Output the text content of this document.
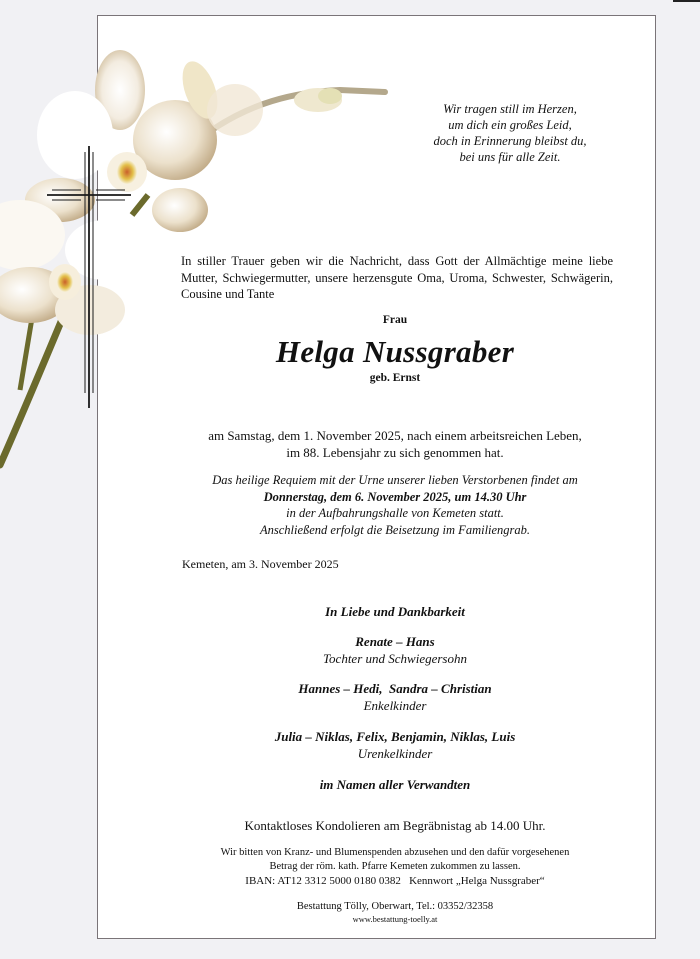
Wir tragen still im Herzen,
um dich ein großes Leid,
doch in Erinnerung bleibst du,
bei uns für alle Zeit.
In stiller Trauer geben wir die Nachricht, dass Gott der Allmächtige meine liebe
Mutter, Schwiegermutter, unsere herzensgute Oma, Uroma, Schwester, Schwägerin,
Cousine und Tante
Frau
Helga Nussgraber
geb. Ernst
am Samstag, dem 1. November 2025, nach einem arbeitsreichen Leben,
im 88. Lebensjahr zu sich genommen hat.
Das heilige Requiem mit der Urne unserer lieben Verstorbenen findet am
Donnerstag, dem 6. November 2025, um 14.30 Uhr
in der Aufbahrungshalle von Kemeten statt.
Anschließend erfolgt die Beisetzung im Familiengrab.
Kemeten, am 3. November 2025
In Liebe und Dankbarkeit
Renate – Hans
Tochter und Schwiegersohn
Hannes – Hedi,  Sandra – Christian
Enkelkinder
Julia – Niklas, Felix, Benjamin, Niklas, Luis
Urenkelkinder
im Namen aller Verwandten
Kontaktloses Kondolieren am Begräbnistag ab 14.00 Uhr.
Wir bitten von Kranz- und Blumenspenden abzusehen und den dafür vorgesehenen
Betrag der röm. kath. Pfarre Kemeten zukommen zu lassen.
IBAN: AT12 3312 5000 0180 0382   Kennwort „Helga Nussgraber“
Bestattung Tölly, Oberwart, Tel.: 03352/32358
www.bestattung-toelly.at
